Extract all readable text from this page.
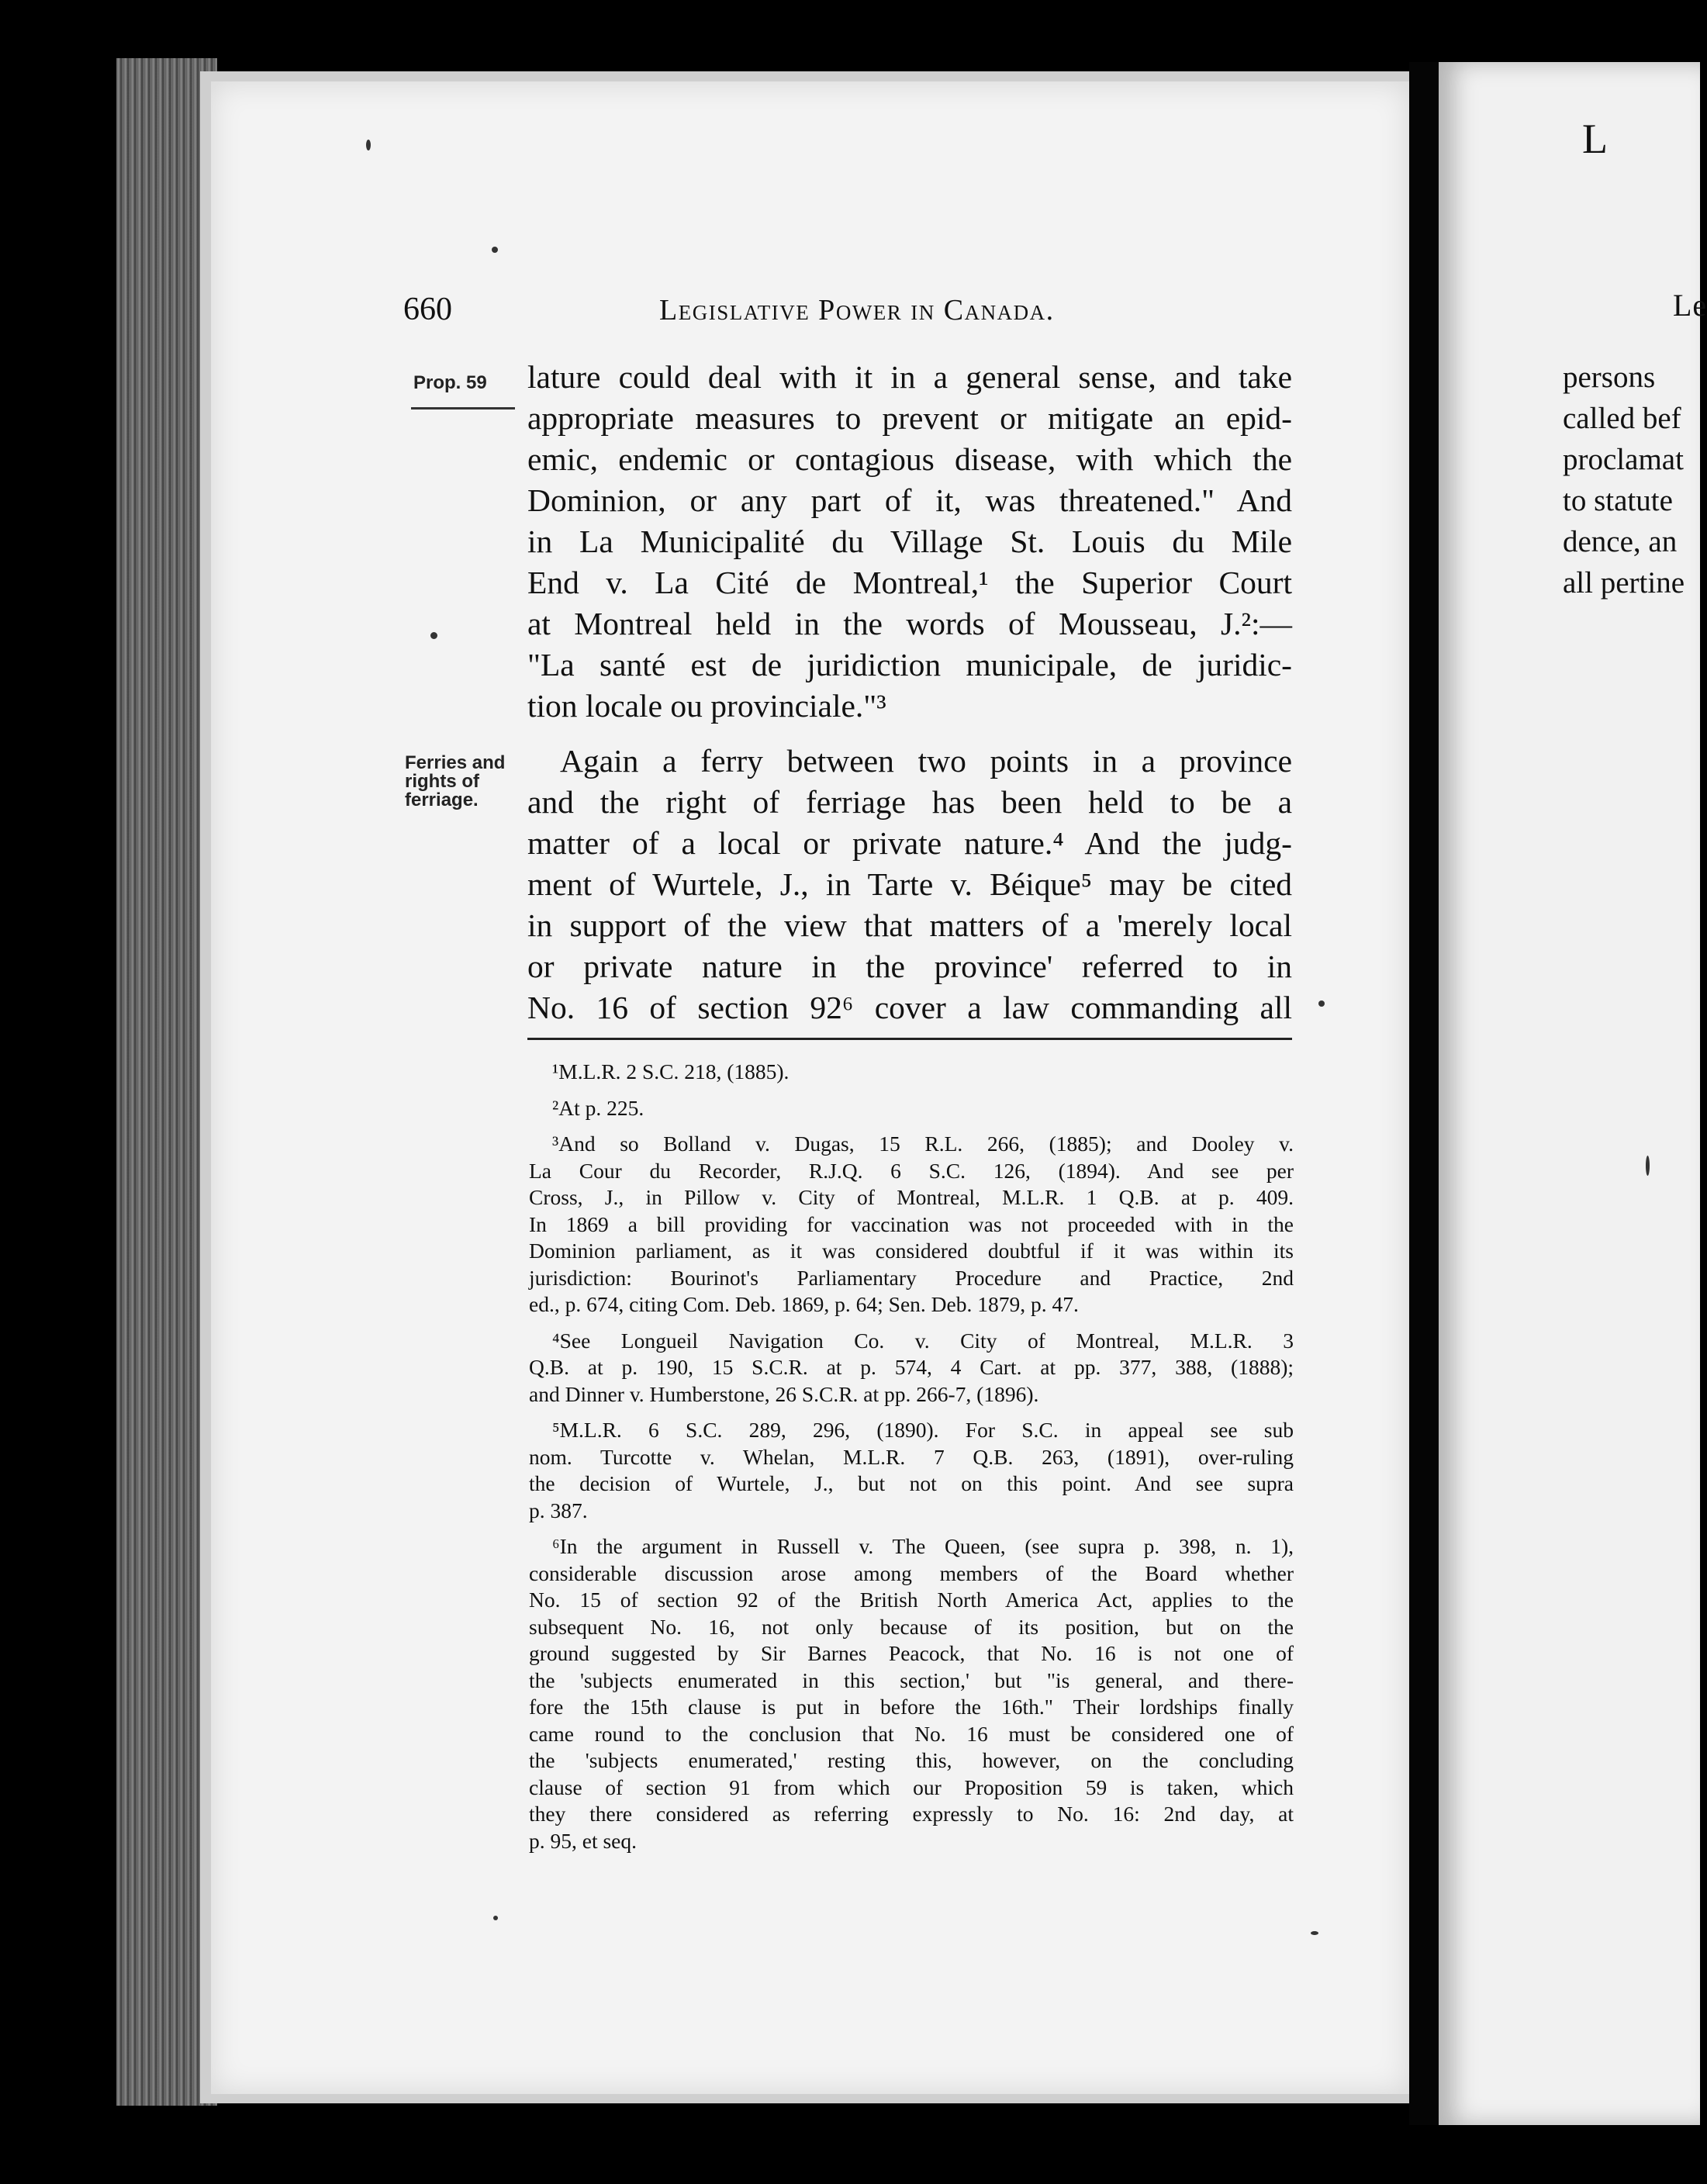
L
Le
persons
called bef
proclamat
to statute
dence, an
all pertine
660	Legislative Power in Canada.
Prop. 59
Ferries and
rights of
ferriage.
lature could deal with it in a general sense, and take
appropriate measures to prevent or mitigate an epid-
emic, endemic or contagious disease, with which the
Dominion, or any part of it, was threatened." And
in La Municipalité du Village St. Louis du Mile
End v. La Cité de Montreal,¹ the Superior Court
at Montreal held in the words of Mousseau, J.²:—
"La santé est de juridiction municipale, de juridic-
tion locale ou provinciale."³
Again a ferry between two points in a province
and the right of ferriage has been held to be a
matter of a local or private nature.⁴ And the judg-
ment of Wurtele, J., in Tarte v. Béique⁵ may be cited
in support of the view that matters of a 'merely local
or private nature in the province' referred to in
No. 16 of section 92⁶ cover a law commanding all
¹M.L.R. 2 S.C. 218, (1885).
²At p. 225.
³And so Bolland v. Dugas, 15 R.L. 266, (1885); and Dooley v.
La Cour du Recorder, R.J.Q. 6 S.C. 126, (1894). And see per
Cross, J., in Pillow v. City of Montreal, M.L.R. 1 Q.B. at p. 409.
In 1869 a bill providing for vaccination was not proceeded with in the
Dominion parliament, as it was considered doubtful if it was within its
jurisdiction: Bourinot's Parliamentary Procedure and Practice, 2nd
ed., p. 674, citing Com. Deb. 1869, p. 64; Sen. Deb. 1879, p. 47.
⁴See Longueil Navigation Co. v. City of Montreal, M.L.R. 3
Q.B. at p. 190, 15 S.C.R. at p. 574, 4 Cart. at pp. 377, 388, (1888);
and Dinner v. Humberstone, 26 S.C.R. at pp. 266-7, (1896).
⁵M.L.R. 6 S.C. 289, 296, (1890). For S.C. in appeal see sub
nom. Turcotte v. Whelan, M.L.R. 7 Q.B. 263, (1891), over-ruling
the decision of Wurtele, J., but not on this point. And see supra
p. 387.
⁶In the argument in Russell v. The Queen, (see supra p. 398, n. 1),
considerable discussion arose among members of the Board whether
No. 15 of section 92 of the British North America Act, applies to the
subsequent No. 16, not only because of its position, but on the
ground suggested by Sir Barnes Peacock, that No. 16 is not one of
the 'subjects enumerated in this section,' but "is general, and there-
fore the 15th clause is put in before the 16th." Their lordships finally
came round to the conclusion that No. 16 must be considered one of
the 'subjects enumerated,' resting this, however, on the concluding
clause of section 91 from which our Proposition 59 is taken, which
they there considered as referring expressly to No. 16: 2nd day, at
p. 95, et seq.
